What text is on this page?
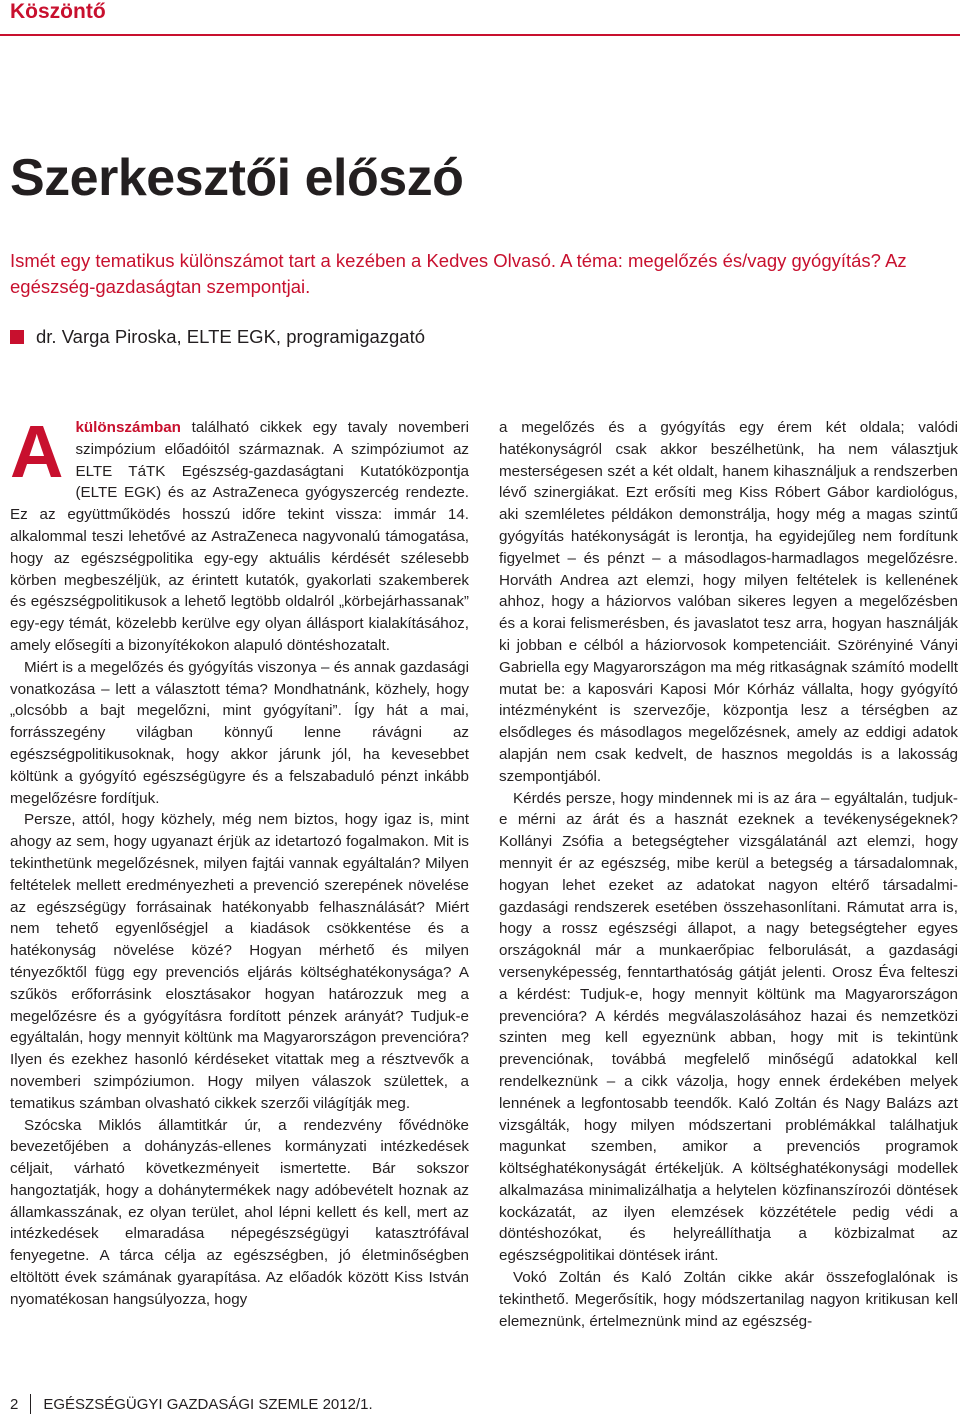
Köszöntő
Szerkesztői előszó
Ismét egy tematikus különszámot tart a kezében a Kedves Olvasó. A téma: megelőzés és/vagy gyógyítás? Az egészség-gazdaságtan szempontjai.
dr. Varga Piroska, ELTE EGK, programigazgató

Akülönszámban található cikkek egy tavaly novemberi szimpózium előadóitól származnak. A szimpóziumot az ELTE TáTK Egészség-gazdaságtani Kutatóközpontja (ELTE EGK) és az AstraZeneca gyógyszercég rendezte. Ez az együttműködés hosszú időre tekint vissza: immár 14. alkalommal teszi lehetővé az AstraZeneca nagyvonalú támogatása, hogy az egészségpolitika egy-egy aktuális kérdését szélesebb körben megbeszéljük, az érintett kutatók, gyakorlati szakemberek és egészségpolitikusok a lehető legtöbb oldalról „körbejárhassanak” egy-egy témát, közelebb kerülve egy olyan állásport kialakításához, amely elősegíti a bizonyítékokon alapuló döntéshozatalt.

Miért is a megelőzés és gyógyítás viszonya – és annak gazdasági vonatkozása – lett a választott téma? Mondhatnánk, közhely, hogy „olcsóbb a bajt megelőzni, mint gyógyítani”. Így hát a mai, forrásszegény világban könnyű lenne rávágni az egészségpolitikusoknak, hogy akkor járunk jól, ha kevesebbet költünk a gyógyító egészségügyre és a felszabaduló pénzt inkább megelőzésre fordítjuk.

Persze, attól, hogy közhely, még nem biztos, hogy igaz is, mint ahogy az sem, hogy ugyanazt érjük az idetartozó fogalmakon. Mit is tekinthetünk megelőzésnek, milyen fajtái vannak egyáltalán? Milyen feltételek mellett eredményezheti a prevenció szerepének növelése az egészségügy forrásainak hatékonyabb felhasználását? Miért nem tehető egyenlőségjel a kiadások csökkentése és a hatékonyság növelése közé? Hogyan mérhető és milyen tényezőktől függ egy prevenciós eljárás költséghatékonysága? A szűkös erőforrásink elosztásakor hogyan határozzuk meg a megelőzésre és a gyógyításra fordított pénzek arányát? Tudjuk-e egyáltalán, hogy mennyit költünk ma Magyarországon prevencióra? Ilyen és ezekhez hasonló kérdéseket vitattak meg a résztvevők a novemberi szimpóziumon. Hogy milyen válaszok születtek, a tematikus számban olvasható cikkek szerzői világítják meg.

Szócska Miklós államtitkár úr, a rendezvény fővédnöke bevezetőjében a dohányzás-ellenes kormányzati intézkedések céljait, várható következményeit ismertette. Bár sokszor hangoztatják, hogy a dohánytermékek nagy adóbevételt hoznak az államkasszának, ez olyan terület, ahol lépni kellett és kell, mert az intézkedések elmaradása népegészségügyi katasztrófával fenyegetne. A tárca célja az egészségben, jó életminőségben eltöltött évek számának gyarapítása. Az előadók között Kiss István nyomatékosan hangsúlyozza, hogy

a megelőzés és a gyógyítás egy érem két oldala; valódi hatékonyságról csak akkor beszélhetünk, ha nem választjuk mesterségesen szét a két oldalt, hanem kihasználjuk a rendszerben lévő szinergiákat. Ezt erősíti meg Kiss Róbert Gábor kardiológus, aki szemléletes példákon demonstrálja, hogy még a magas szintű gyógyítás hatékonyságát is lerontja, ha egyidejűleg nem fordítunk figyelmet – és pénzt – a másodlagos-harmadlagos megelőzésre. Horváth Andrea azt elemzi, hogy milyen feltételek is kellenének ahhoz, hogy a háziorvos valóban sikeres legyen a megelőzésben és a korai felismerésben, és javaslatot tesz arra, hogyan használják ki jobban e célból a háziorvosok kompetenciáit. Szörényiné Ványi Gabriella egy Magyarországon ma még ritkaságnak számító modellt mutat be: a kaposvári Kaposi Mór Kórház vállalta, hogy gyógyító intézményként is szervezője, központja lesz a térségben az elsődleges és másodlagos megelőzésnek, amely az eddigi adatok alapján nem csak kedvelt, de hasznos megoldás is a lakosság szempontjából.

Kérdés persze, hogy mindennek mi is az ára – egyáltalán, tudjuk-e mérni az árát és a hasznát ezeknek a tevékenységeknek? Kollányi Zsófia a betegségteher vizsgálatánál azt elemzi, hogy mennyit ér az egészség, mibe kerül a betegség a társadalomnak, hogyan lehet ezeket az adatokat nagyon eltérő társadalmi-gazdasági rendszerek esetében összehasonlítani. Rámutat arra is, hogy a rossz egészségi állapot, a nagy betegségteher egyes országoknál már a munkaerőpiac felborulását, a gazdasági versenyképesség, fenntarthatóság gátját jelenti. Orosz Éva felteszi a kérdést: Tudjuk-e, hogy mennyit költünk ma Magyarországon prevencióra? A kérdés megválaszolásához hazai és nemzetközi szinten meg kell egyeznünk abban, hogy mit is tekintünk prevenciónak, továbbá megfelelő minőségű adatokkal kell rendelkeznünk – a cikk vázolja, hogy ennek érdekében melyek lennének a legfontosabb teendők. Kaló Zoltán és Nagy Balázs azt vizsgálták, hogy milyen módszertani problémákkal találhatjuk magunkat szemben, amikor a prevenciós programok költséghatékonyságát értékeljük. A költséghatékonysági modellek alkalmazása minimalizálhatja a helytelen közfinanszírozói döntések kockázatát, az ilyen elemzések közzététele pedig védi a döntéshozókat, és helyreállíthatja a közbizalmat az egészségpolitikai döntések iránt.

Vokó Zoltán és Kaló Zoltán cikke akár összefoglalónak is tekinthető. Megerősítik, hogy módszertanilag nagyon kritikusan kell elemeznünk, értelmeznünk mind az egészség-

2 EGÉSZSÉGÜGYI GAZDASÁGI SZEMLE 2012/1.
